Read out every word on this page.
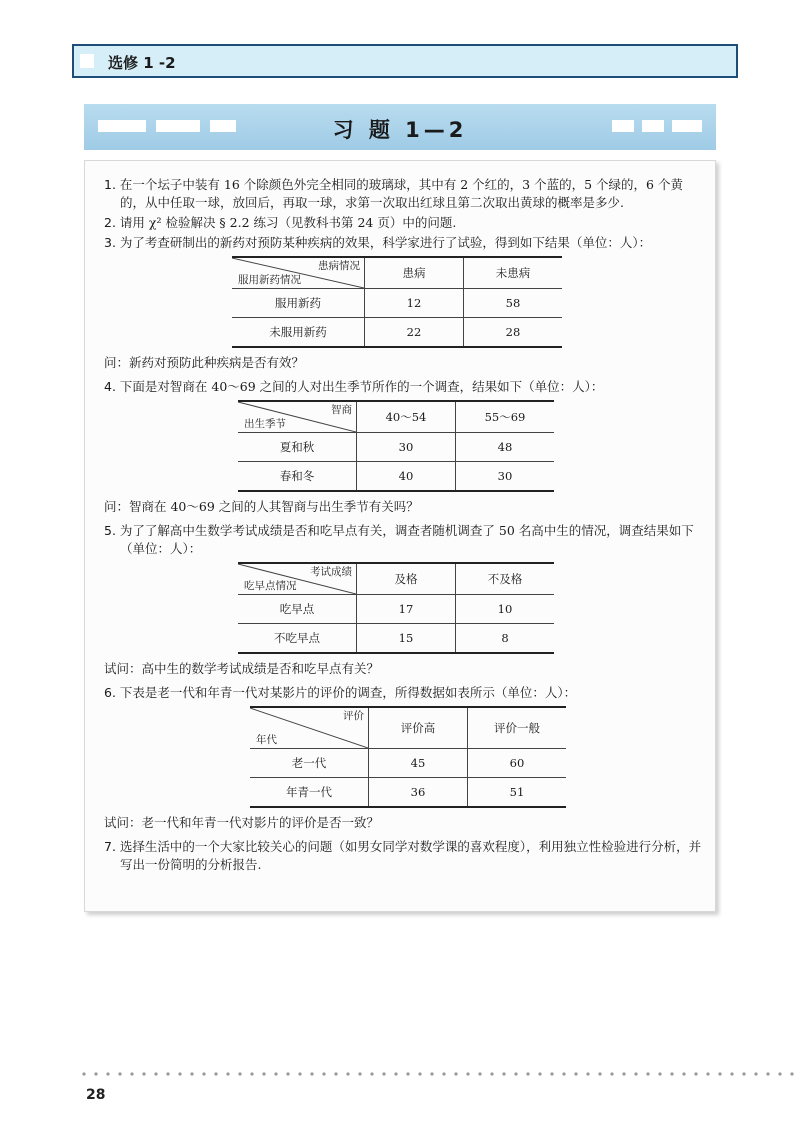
选修 1 -2
习 题 1—2
1. 在一个坛子中装有 16 个除颜色外完全相同的玻璃球，其中有 2 个红的，3 个蓝的，5 个绿的，6 个黄的，从中任取一球，放回后，再取一球，求第一次取出红球且第二次取出黄球的概率是多少.
2. 请用 χ² 检验解决 § 2.2 练习（见教科书第 24 页）中的问题.
3. 为了考查研制出的新药对预防某种疾病的效果，科学家进行了试验，得到如下结果（单位：人）：
患病情况
服用新药情况	患病	未患病
服用新药	12	58
未服用新药	22	28
问：新药对预防此种疾病是否有效？
4. 下面是对智商在 40～69 之间的人对出生季节所作的一个调查，结果如下（单位：人）：
智商
出生季节	40～54	55～69
夏和秋	30	48
春和冬	40	30
问：智商在 40～69 之间的人其智商与出生季节有关吗？
5. 为了了解高中生数学考试成绩是否和吃早点有关，调查者随机调查了 50 名高中生的情况，调查结果如下（单位：人）：
考试成绩
吃早点情况	及格	不及格
吃早点	17	10
不吃早点	15	8
试问：高中生的数学考试成绩是否和吃早点有关？
6. 下表是老一代和年青一代对某影片的评价的调查，所得数据如表所示（单位：人）：
评价
年代	评价高	评价一般
老一代	45	60
年青一代	36	51
试问：老一代和年青一代对影片的评价是否一致？
7. 选择生活中的一个大家比较关心的问题（如男女同学对数学课的喜欢程度），利用独立性检验进行分析，并写出一份简明的分析报告.
28
